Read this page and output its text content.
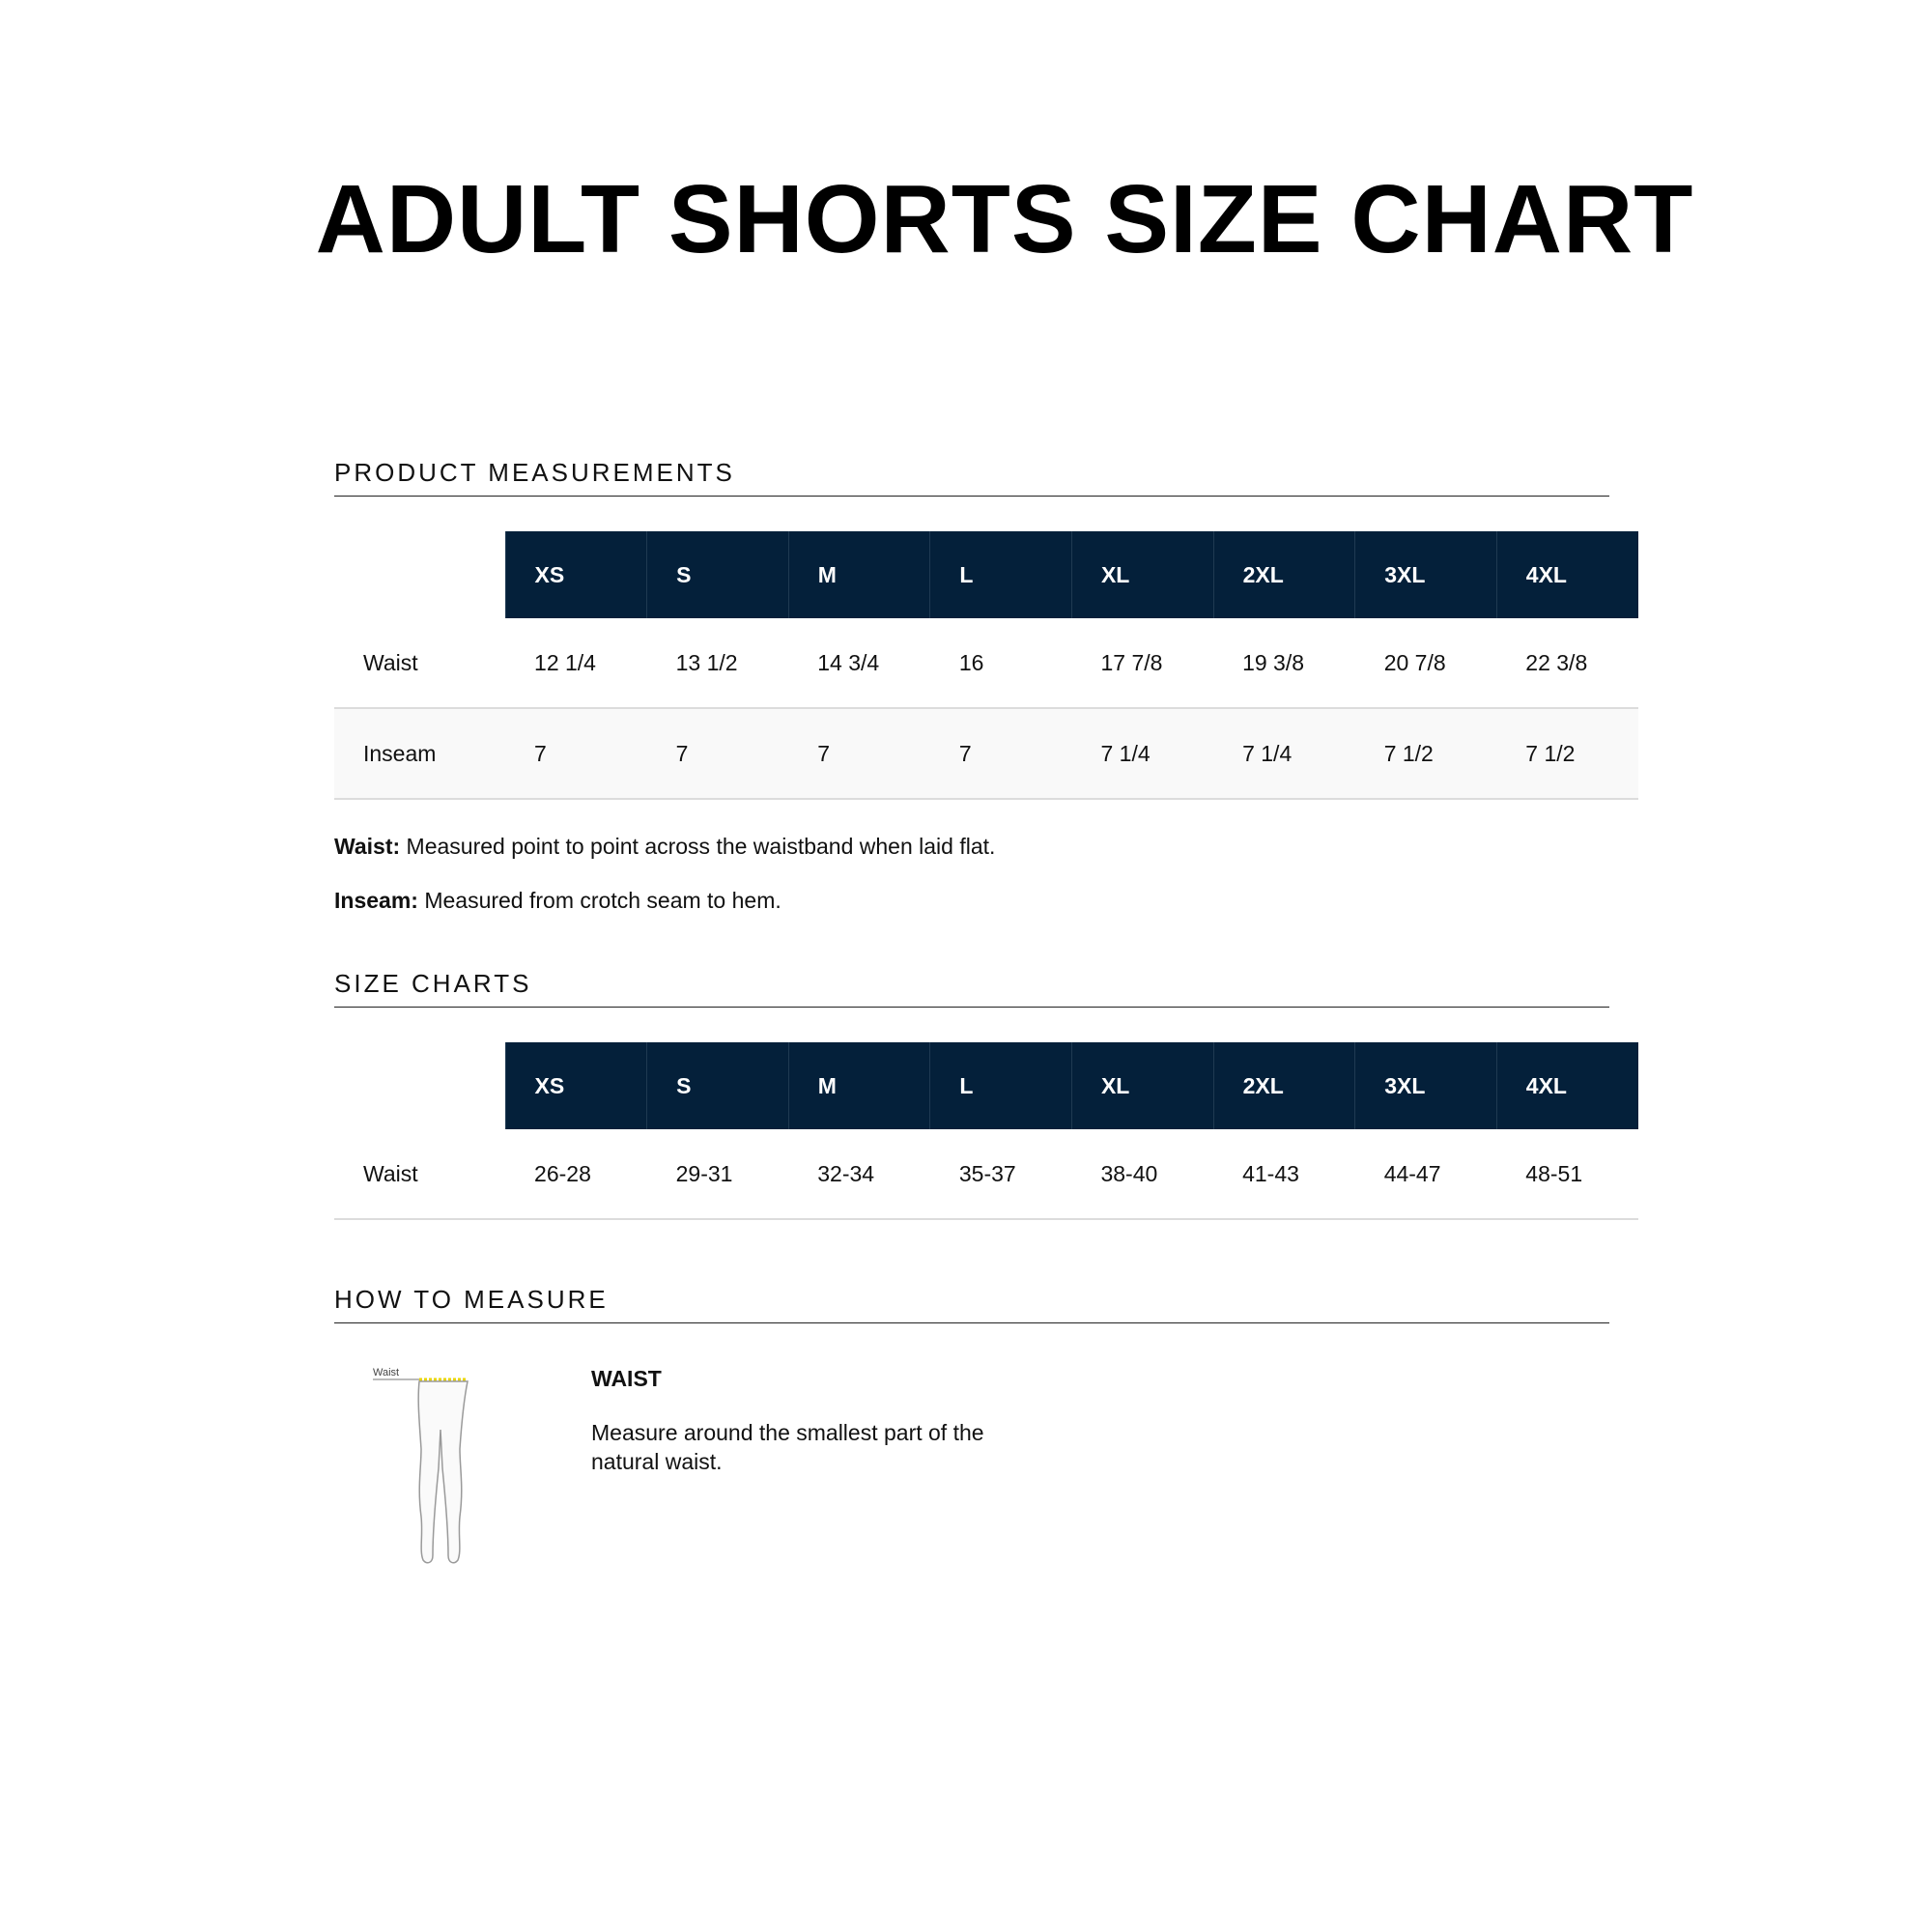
ADULT SHORTS SIZE CHART
PRODUCT MEASUREMENTS
	XS	S	M	L	XL	2XL	3XL	4XL
Waist	12 1/4	13 1/2	14 3/4	16	17 7/8	19 3/8	20 7/8	22 3/8
Inseam	7	7	7	7	7 1/4	7 1/4	7 1/2	7 1/2
Waist: Measured point to point across the waistband when laid flat.
Inseam: Measured from crotch seam to hem.
SIZE CHARTS
	XS	S	M	L	XL	2XL	3XL	4XL
Waist	26-28	29-31	32-34	35-37	38-40	41-43	44-47	48-51
HOW TO MEASURE
Waist	WAIST
Measure around the smallest part of the natural waist.
